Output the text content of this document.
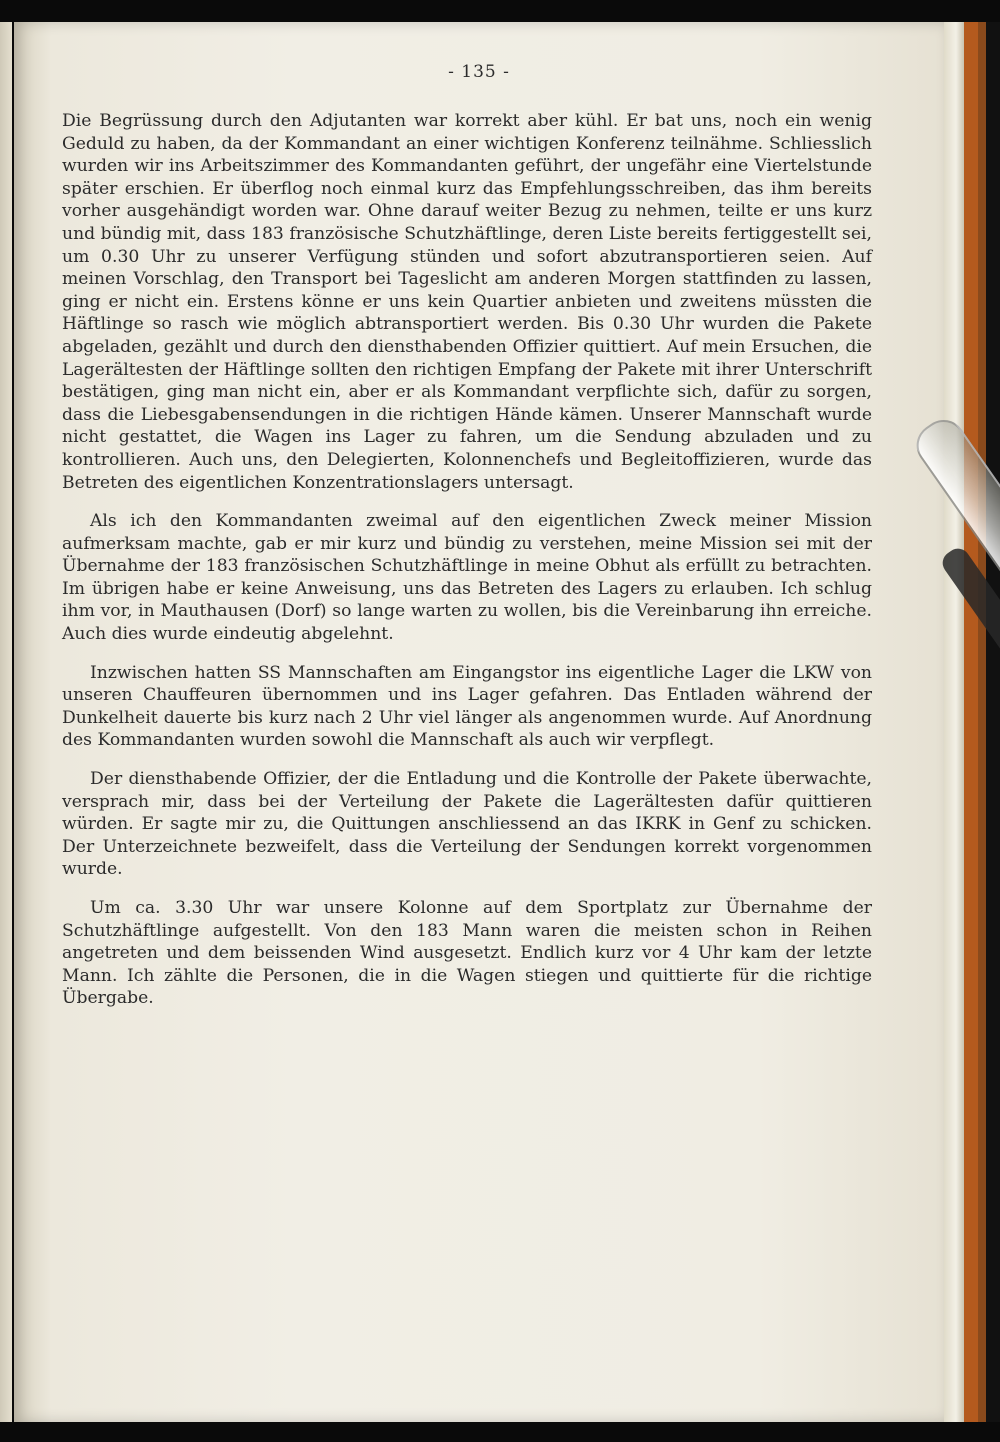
- 135 -

Die Begrüssung durch den Adjutanten war korrekt aber kühl. Er bat uns, noch ein wenig Geduld zu haben, da der Kommandant an einer wichtigen Konferenz teilnähme. Schliesslich wurden wir ins Arbeitszimmer des Kommandanten geführt, der ungefähr eine Viertelstunde später erschien. Er überflog noch einmal kurz das Empfehlungsschreiben, das ihm bereits vorher ausgehändigt worden war. Ohne darauf weiter Bezug zu nehmen, teilte er uns kurz und bündig mit, dass 183 französische Schutzhäftlinge, deren Liste bereits fertiggestellt sei, um 0.30 Uhr zu unserer Verfügung stünden und sofort abzutransportieren seien. Auf meinen Vorschlag, den Transport bei Tageslicht am anderen Morgen stattfinden zu lassen, ging er nicht ein. Erstens könne er uns kein Quartier anbieten und zweitens müssten die Häftlinge so rasch wie möglich abtransportiert werden. Bis 0.30 Uhr wurden die Pakete abgeladen, gezählt und durch den diensthabenden Offizier quittiert. Auf mein Ersuchen, die Lagerältesten der Häftlinge sollten den richtigen Empfang der Pakete mit ihrer Unterschrift bestätigen, ging man nicht ein, aber er als Kommandant verpflichte sich, dafür zu sorgen, dass die Liebesgabensendungen in die richtigen Hände kämen. Unserer Mannschaft wurde nicht gestattet, die Wagen ins Lager zu fahren, um die Sendung abzuladen und zu kontrollieren. Auch uns, den Delegierten, Kolonnenchefs und Begleitoffizieren, wurde das Betreten des eigentlichen Konzentrationslagers untersagt.

Als ich den Kommandanten zweimal auf den eigentlichen Zweck meiner Mission aufmerksam machte, gab er mir kurz und bündig zu verstehen, meine Mission sei mit der Übernahme der 183 französischen Schutzhäftlinge in meine Obhut als erfüllt zu betrachten. Im übrigen habe er keine Anweisung, uns das Betreten des Lagers zu erlauben. Ich schlug ihm vor, in Mauthausen (Dorf) so lange warten zu wollen, bis die Vereinbarung ihn erreiche. Auch dies wurde eindeutig abgelehnt.

Inzwischen hatten SS Mannschaften am Eingangstor ins eigentliche Lager die LKW von unseren Chauffeuren übernommen und ins Lager gefahren. Das Entladen während der Dunkelheit dauerte bis kurz nach 2 Uhr viel länger als angenommen wurde. Auf Anordnung des Kommandanten wurden sowohl die Mannschaft als auch wir verpflegt.

Der diensthabende Offizier, der die Entladung und die Kontrolle der Pakete überwachte, versprach mir, dass bei der Verteilung der Pakete die Lagerältesten dafür quittieren würden. Er sagte mir zu, die Quittungen anschliessend an das IKRK in Genf zu schicken. Der Unterzeichnete bezweifelt, dass die Verteilung der Sendungen korrekt vorgenommen wurde.

Um ca. 3.30 Uhr war unsere Kolonne auf dem Sportplatz zur Übernahme der Schutzhäftlinge aufgestellt. Von den 183 Mann waren die meisten schon in Reihen angetreten und dem beissenden Wind ausgesetzt. Endlich kurz vor 4 Uhr kam der letzte Mann. Ich zählte die Personen, die in die Wagen stiegen und quittierte für die richtige Übergabe.
